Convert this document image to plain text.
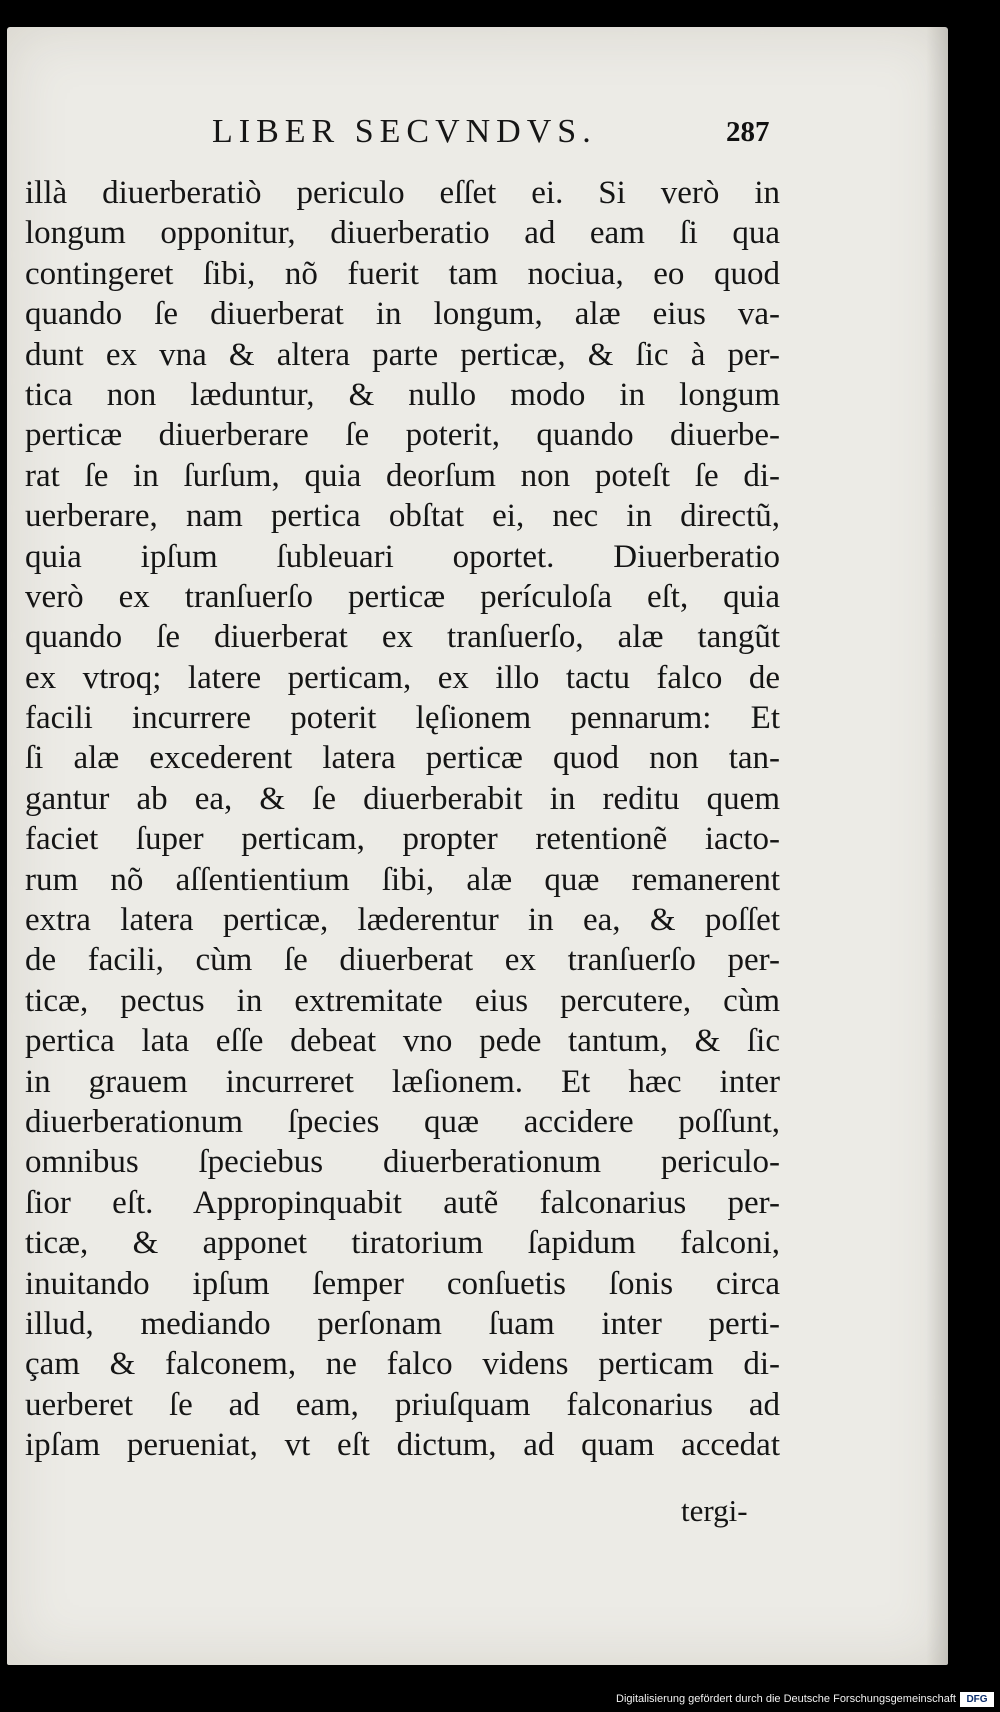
LIBER SECVNDVS.	287
illà diuerberatiò periculo eſſet ei. Si verò in
longum opponitur, diuerberatio ad eam ſi qua
contingeret ſibi, nõ fuerit tam nociua, eo quod
quando ſe diuerberat in longum, alæ eius va-
dunt ex vna & altera parte perticæ, & ſic à per-
tica non læduntur, & nullo modo in longum
perticæ diuerberare ſe poterit, quando diuerbe-
rat ſe in ſurſum, quia deorſum non poteſt ſe di-
uerberare, nam pertica obſtat ei, nec in directũ,
quia ipſum ſubleuari oportet. Diuerberatio
verò ex tranſuerſo perticæ perículoſa eſt, quia
quando ſe diuerberat ex tranſuerſo, alæ tangũt
ex vtroq; latere perticam, ex illo tactu falco de
facili incurrere poterit lęſionem pennarum: Et
ſi alæ excederent latera perticæ quod non tan-
gantur ab ea, & ſe diuerberabit in reditu quem
faciet ſuper perticam, propter retentionẽ iacto-
rum nõ aſſentientium ſibi, alæ quæ remanerent
extra latera perticæ, læderentur in ea, & poſſet
de facili, cùm ſe diuerberat ex tranſuerſo per-
ticæ, pectus in extremitate eius percutere, cùm
pertica lata eſſe debeat vno pede tantum, & ſic
in grauem incurreret læſionem. Et hæc inter
diuerberationum ſpecies quæ accidere poſſunt,
omnibus ſpeciebus diuerberationum periculo-
ſior eſt. Appropinquabit autẽ falconarius per-
ticæ, & apponet tiratorium ſapidum falconi,
inuitando ipſum ſemper conſuetis ſonis circa
illud, mediando perſonam ſuam inter perti-
çam & falconem, ne falco videns perticam di-
uerberet ſe ad eam, priuſquam falconarius ad
ipſam perueniat, vt eſt dictum, ad quam accedat
tergi-
Digitalisierung gefördert durch die Deutsche Forschungsgemeinschaft	DFG
